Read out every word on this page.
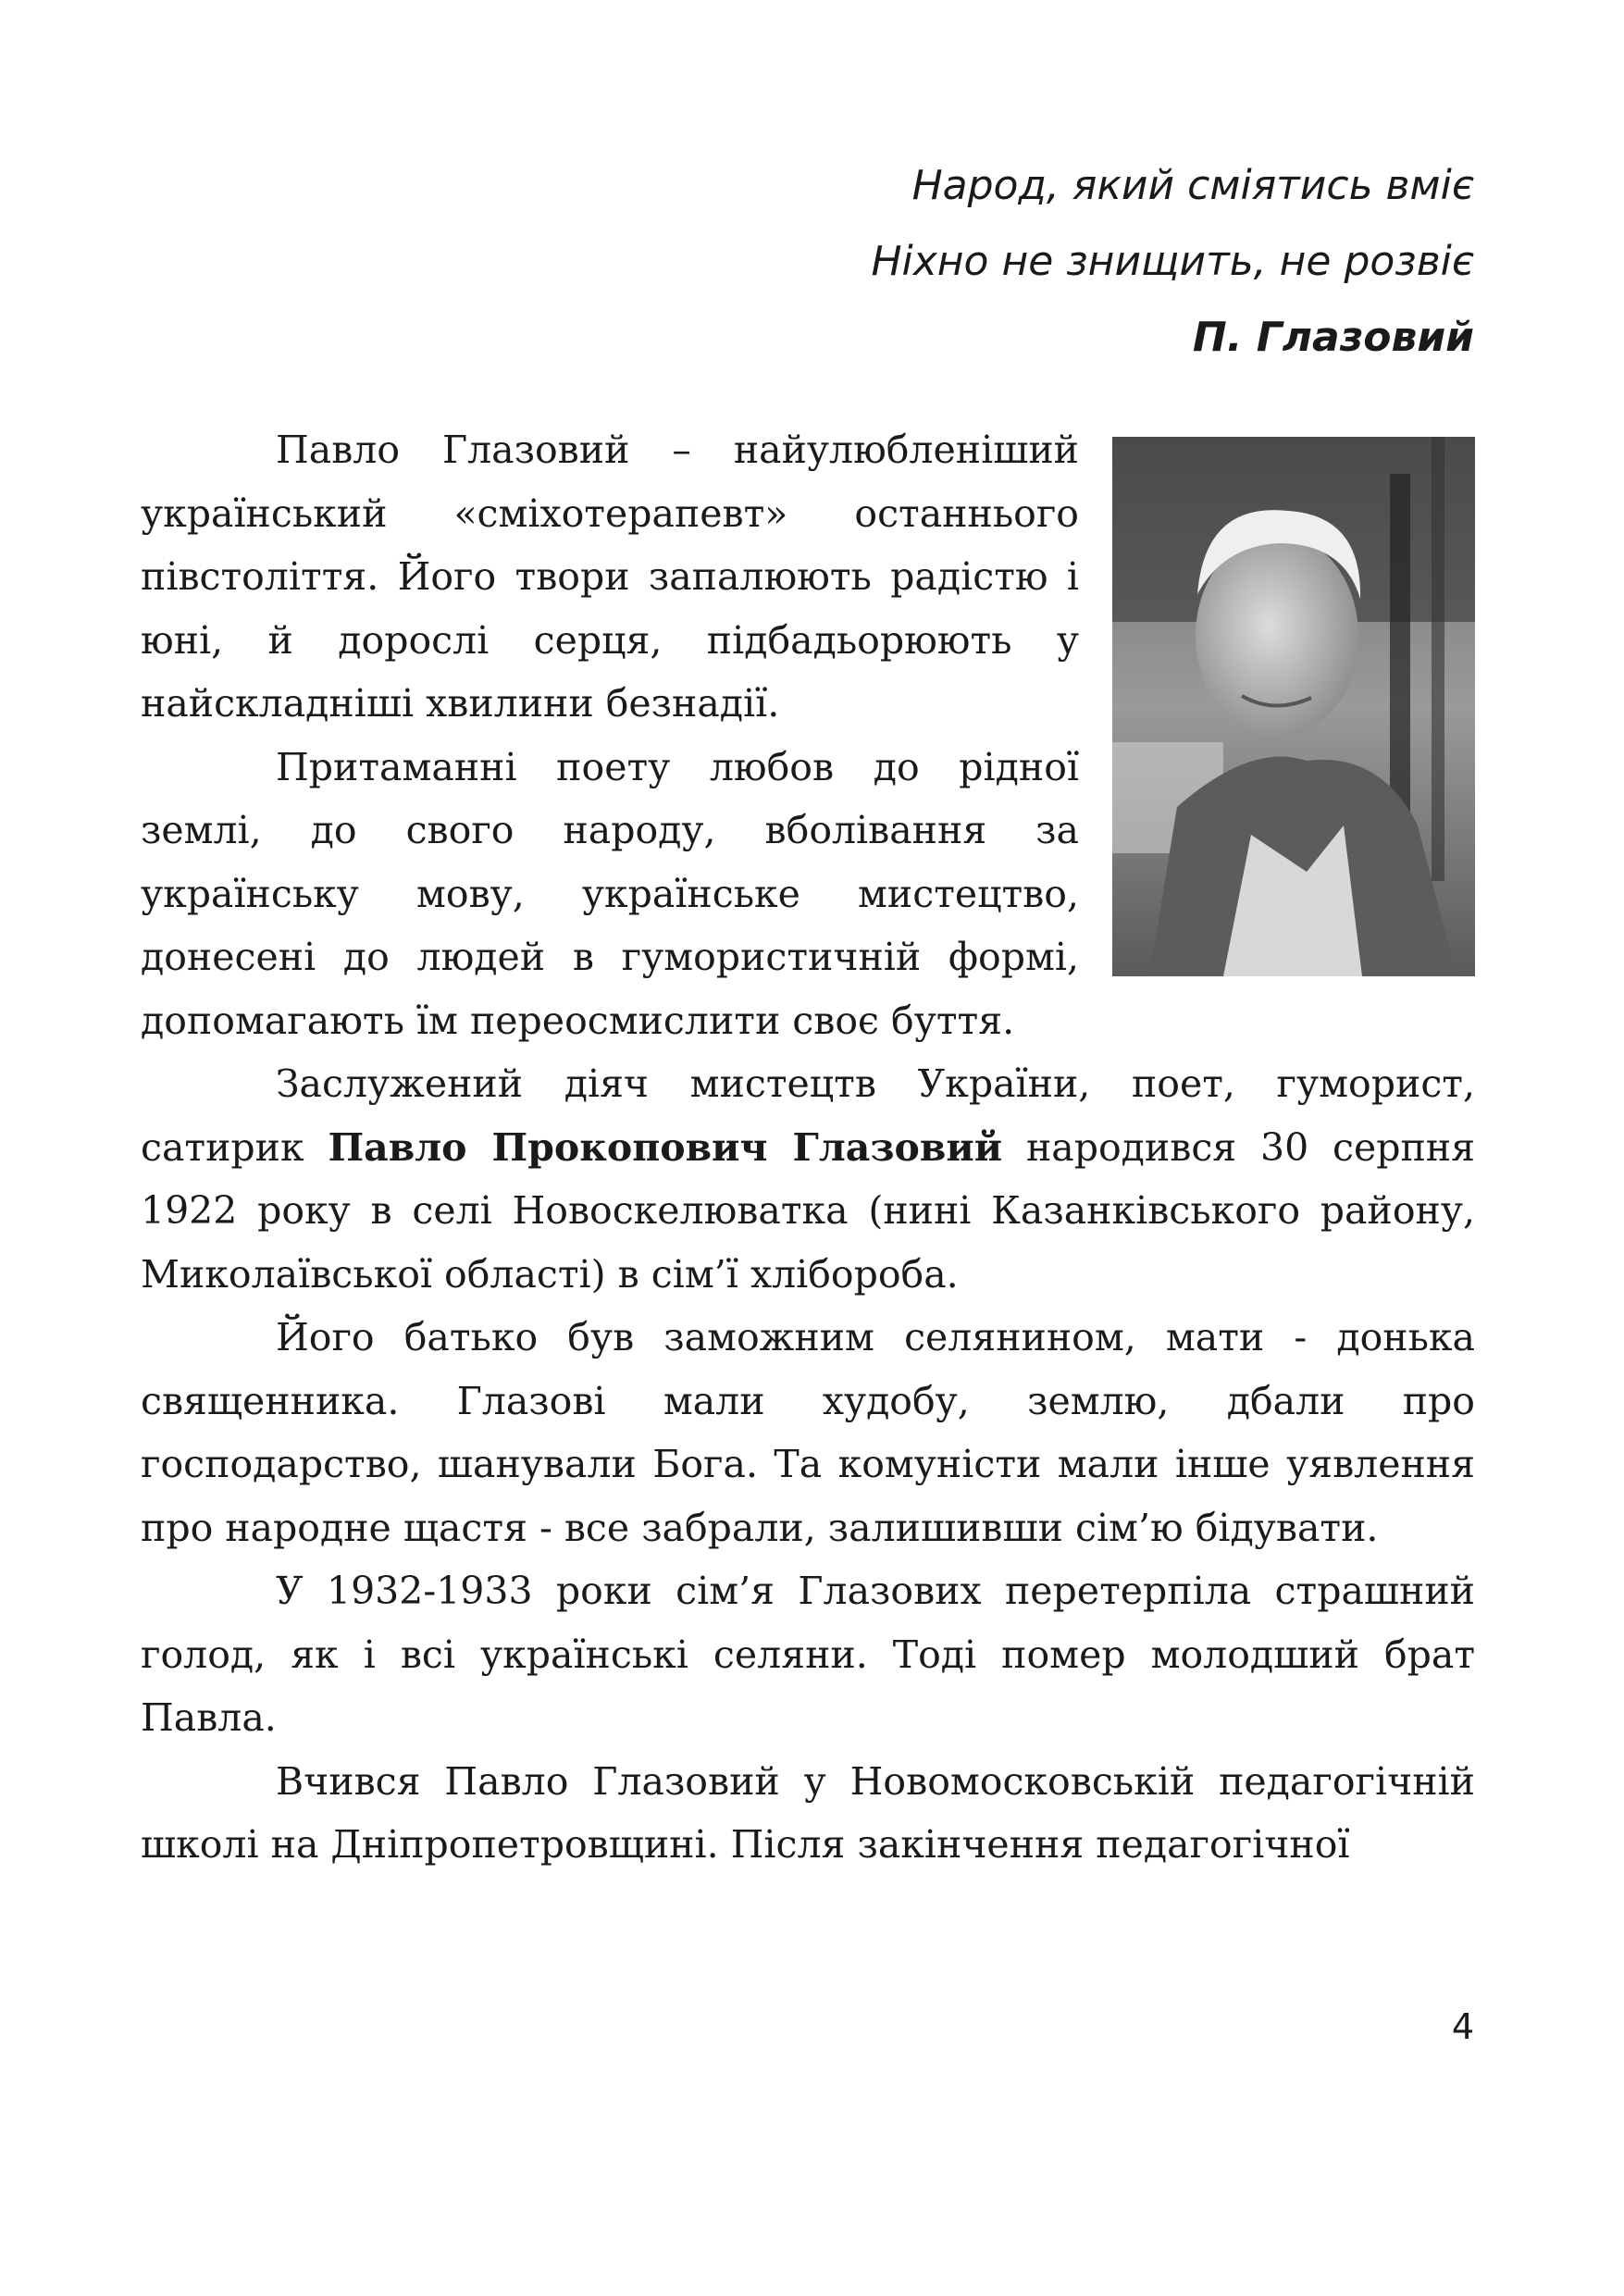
Народ, який сміятись вміє
Ніхно не знищить, не розвіє
П. Глазовий

Павло Глазовий – найулюбленіший український «сміхотерапевт» останнього півстоліття. Його твори запалюють радістю і юні, й дорослі серця, підбадьорюють у найскладніші хвилини безнадії.

Притаманні поету любов до рідної землі, до свого народу, вболівання за українську мову, українське мистецтво, донесені до людей в гумористичній формі, допомагають їм переосмислити своє буття.

Заслужений діяч мистецтв України, поет, гуморист, сатирик Павло Прокопович Глазовий народився 30 серпня 1922 року в селі Новоскелюватка (нині Казанківського району, Миколаївської області) в сім’ї хлібороба.

Його батько був заможним селянином, мати - донька священника. Глазові мали худобу, землю, дбали про господарство, шанували Бога. Та комуністи мали інше уявлення про народне щастя - все забрали, залишивши сім’ю бідувати.

У 1932-1933 роки сім’я Глазових перетерпіла страшний голод, як і всі українські селяни. Тоді помер молодший брат Павла.

Вчився Павло Глазовий у Новомосковській педагогічній школі на Дніпропетровщині. Після закінчення педагогічної

4
